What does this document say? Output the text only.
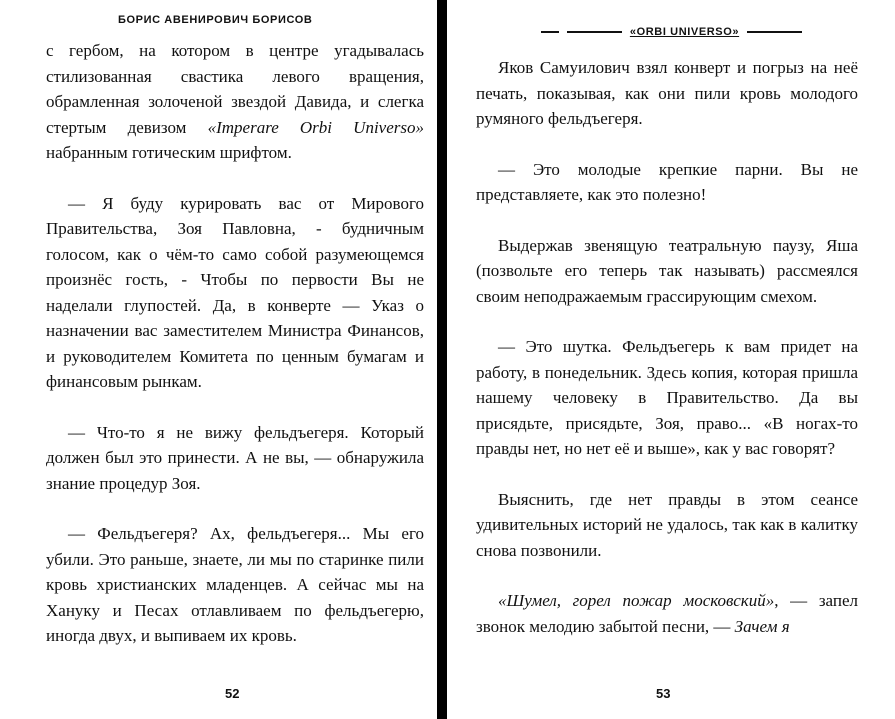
БОРИС АВЕНИРОВИЧ БОРИСОВ

с гербом, на котором в центре угадывалась стилизованная свастика левого вращения, обрамленная золоченой звездой Давида, и слегка стертым девизом «Imperare Orbi Universo» набранным готическим шрифтом.

— Я буду курировать вас от Мирового Правительства, Зоя Павловна, - будничным голосом, как о чём-то само собой разумеющемся произнёс гость, - Чтобы по первости Вы не наделали глупостей. Да, в конверте — Указ о назначении вас заместителем Министра Финансов, и руководителем Комитета по ценным бумагам и финансовым рынкам.

— Что-то я не вижу фельдъегеря. Который должен был это принести. А не вы, — обнаружила знание процедур Зоя.

— Фельдъегеря? Ах, фельдъегеря... Мы его убили. Это раньше, знаете, ли мы по старинке пили кровь христианских младенцев. А сейчас мы на Хануку и Песах отлавливаем по фельдъегерю, иногда двух, и выпиваем их кровь.

52
«ORBI UNIVERSO»

Яков Самуилович взял конверт и погрыз на неё печать, показывая, как они пили кровь молодого румяного фельдъегеря.

— Это молодые крепкие парни. Вы не представляете, как это полезно!

Выдержав звенящую театральную паузу, Яша (позвольте его теперь так называть) рассмеялся своим неподражаемым грассирующим смехом.

— Это шутка. Фельдъегерь к вам придет на работу, в понедельник. Здесь копия, которая пришла нашему человеку в Правительство. Да вы присядьте, присядьте, Зоя, право... «В ногах-то правды нет, но нет её и выше», как у вас говорят?

Выяснить, где нет правды в этом сеансе удивительных историй не удалось, так как в калитку снова позвонили.

«Шумел, горел пожар московский», — запел звонок мелодию забытой песни, — Зачем я

53
